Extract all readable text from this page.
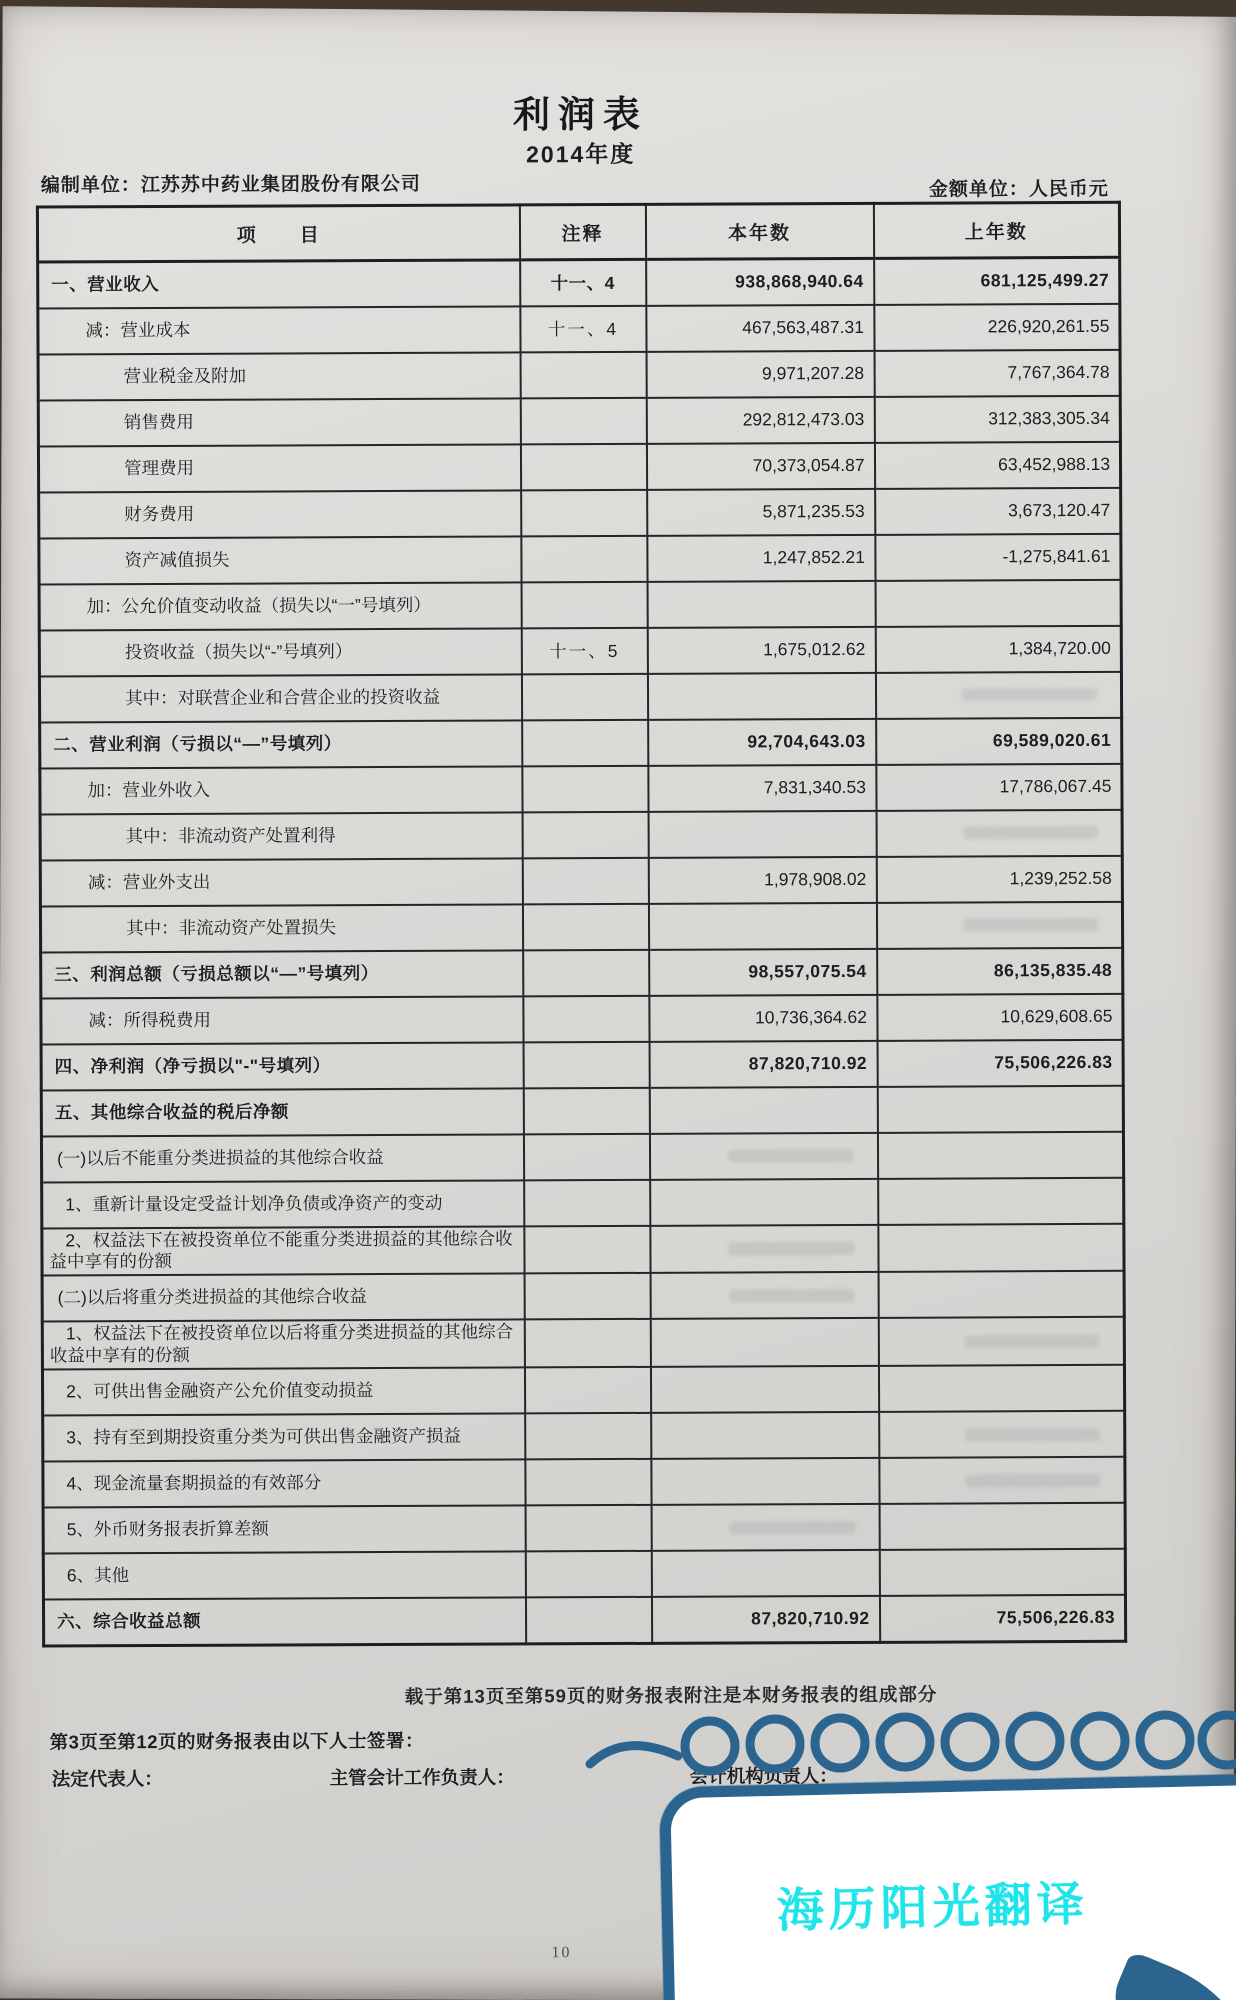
利润表
2014年度
编制单位：江苏苏中药业集团股份有限公司	金额单位：人民币元
项　　目	注释	本年数	上年数
一、营业收入	十一、4	938,868,940.64	681,125,499.27
减：营业成本	十一、4	467,563,487.31	226,920,261.55
营业税金及附加		9,971,207.28	7,767,364.78
销售费用		292,812,473.03	312,383,305.34
管理费用		70,373,054.87	63,452,988.13
财务费用		5,871,235.53	3,673,120.47
资产减值损失		1,247,852.21	-1,275,841.61
加：公允价值变动收益（损失以“一”号填列）			
投资收益（损失以“-”号填列）	十一、5	1,675,012.62	1,384,720.00
其中：对联营企业和合营企业的投资收益			

二、营业利润（亏损以“—”号填列）		92,704,643.03	69,589,020.61
加：营业外收入		7,831,340.53	17,786,067.45
其中：非流动资产处置利得			

减：营业外支出		1,978,908.02	1,239,252.58
其中：非流动资产处置损失			

三、利润总额（亏损总额以“—”号填列）		98,557,075.54	86,135,835.48
减：所得税费用		10,736,364.62	10,629,608.65
四、净利润（净亏损以"-"号填列）		87,820,710.92	75,506,226.83
五、其他综合收益的税后净额			
(一)以后不能重分类进损益的其他综合收益		

1、重新计量设定受益计划净负债或净资产的变动			
2、权益法下在被投资单位不能重分类进损益的其他综合收益中享有的份额		

(二)以后将重分类进损益的其他综合收益		

1、权益法下在被投资单位以后将重分类进损益的其他综合收益中享有的份额			

2、可供出售金融资产公允价值变动损益			
3、持有至到期投资重分类为可供出售金融资产损益			

4、现金流量套期损益的有效部分			

5、外币财务报表折算差额		

6、其他			
六、综合收益总额		87,820,710.92	75,506,226.83
载于第13页至第59页的财务报表附注是本财务报表的组成部分
第3页至第12页的财务报表由以下人士签署：
法定代表人：	主管会计工作负责人：	会计机构负责人：
10
海历阳光翻译
